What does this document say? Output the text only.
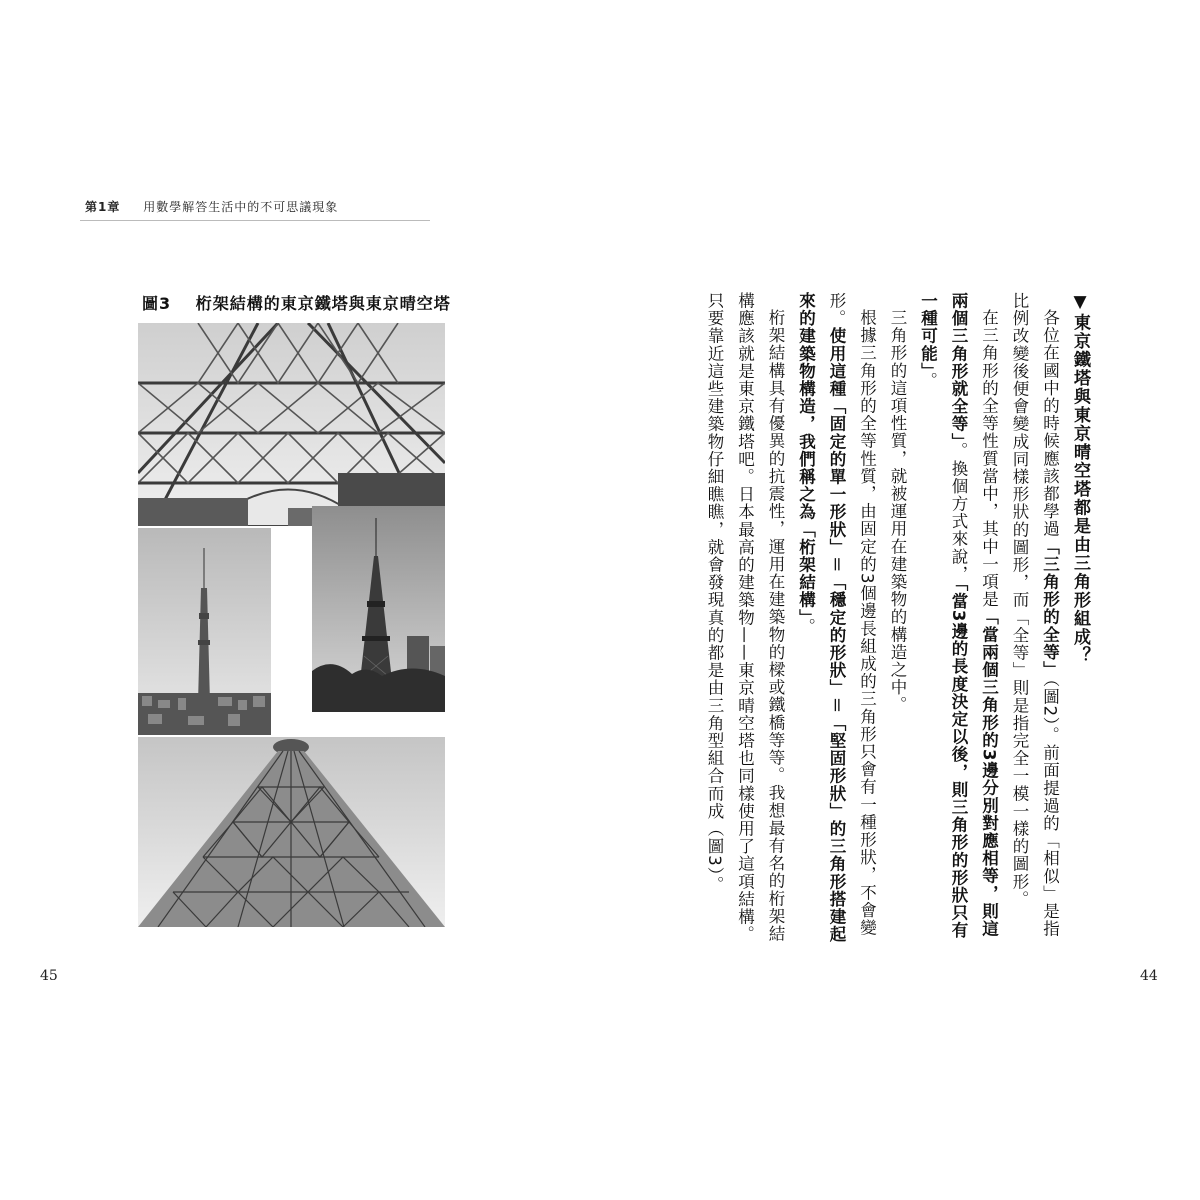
第1章 用數學解答生活中的不可思議現象
圖3 桁架結構的東京鐵塔與東京晴空塔
45

▼東京鐵塔與東京晴空塔都是由三角形組成？

各位在國中的時候應該都學過「三角形的全等」（圖2）。前面提過的「相似」是指比例改變後便會變成同樣形狀的圖形，而「全等」則是指完全一模一樣的圖形。

在三角形的全等性質當中，其中一項是「當兩個三角形的3邊分別對應相等，則這兩個三角形就全等」。換個方式來說，「當3邊的長度決定以後，則三角形的形狀只有一種可能」。

三角形的這項性質，就被運用在建築物的構造之中。

根據三角形的全等性質，由固定的3個邊長組成的三角形只會有一種形狀，不會變形。使用這種「固定的單一形狀」＝「穩定的形狀」＝「堅固形狀」的三角形搭建起來的建築物構造，我們稱之為「桁架結構」。

桁架結構具有優異的抗震性，運用在建築物的樑或鐵橋等等。我想最有名的桁架結構應該就是東京鐵塔吧。日本最高的建築物——東京晴空塔也同樣使用了這項結構。只要靠近這些建築物仔細瞧瞧，就會發現真的都是由三角型組合而成（圖3）。

44
